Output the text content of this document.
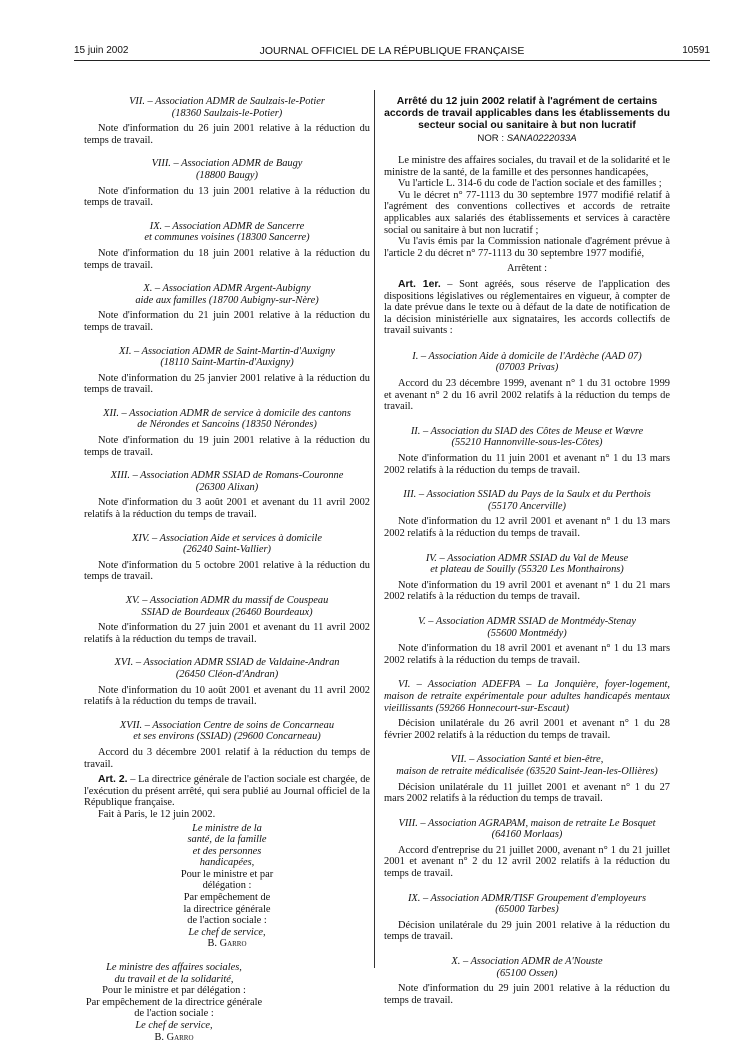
15 juin 2002	JOURNAL OFFICIEL DE LA RÉPUBLIQUE FRANÇAISE	10591

VII. – Association ADMR de Saulzais-le-Potier
(18360 Saulzais-le-Potier)

Note d'information du 26 juin 2001 relative à la réduction du temps de travail.

VIII. – Association ADMR de Baugy
(18800 Baugy)

Note d'information du 13 juin 2001 relative à la réduction du temps de travail.

IX. – Association ADMR de Sancerre
et communes voisines (18300 Sancerre)

Note d'information du 18 juin 2001 relative à la réduction du temps de travail.

X. – Association ADMR Argent-Aubigny
aide aux familles (18700 Aubigny-sur-Nère)

Note d'information du 21 juin 2001 relative à la réduction du temps de travail.

XI. – Association ADMR de Saint-Martin-d'Auxigny
(18110 Saint-Martin-d'Auxigny)

Note d'information du 25 janvier 2001 relative à la réduction du temps de travail.

XII. – Association ADMR de service à domicile des cantons
de Nérondes et Sancoins (18350 Nérondes)

Note d'information du 19 juin 2001 relative à la réduction du temps de travail.

XIII. – Association ADMR SSIAD de Romans-Couronne
(26300 Alixan)

Note d'information du 3 août 2001 et avenant du 11 avril 2002 relatifs à la réduction du temps de travail.

XIV. – Association Aide et services à domicile
(26240 Saint-Vallier)

Note d'information du 5 octobre 2001 relative à la réduction du temps de travail.

XV. – Association ADMR du massif de Couspeau
SSIAD de Bourdeaux (26460 Bourdeaux)

Note d'information du 27 juin 2001 et avenant du 11 avril 2002 relatifs à la réduction du temps de travail.

XVI. – Association ADMR SSIAD de Valdaine-Andran
(26450 Cléon-d'Andran)

Note d'information du 10 août 2001 et avenant du 11 avril 2002 relatifs à la réduction du temps de travail.

XVII. – Association Centre de soins de Concarneau
et ses environs (SSIAD) (29600 Concarneau)

Accord du 3 décembre 2001 relatif à la réduction du temps de travail.

Art. 2. – La directrice générale de l'action sociale est chargée, de l'exécution du présent arrêté, qui sera publié au Journal officiel de la République française.

Fait à Paris, le 12 juin 2002.

Le ministre de la santé, de la famille
et des personnes handicapées,

Pour le ministre et par délégation :
Par empêchement de la directrice générale
de l'action sociale :

Le chef de service,

B. Garro

Le ministre des affaires sociales,
du travail et de la solidarité,

Pour le ministre et par délégation :
Par empêchement de la directrice générale
de l'action sociale :

Le chef de service,

B. Garro

Arrêté du 12 juin 2002 relatif à l'agrément de certains accords de travail applicables dans les établissements du secteur social ou sanitaire à but non lucratif

NOR : SANA0222033A

Le ministre des affaires sociales, du travail et de la solidarité et le ministre de la santé, de la famille et des personnes handicapées,

Vu l'article L. 314-6 du code de l'action sociale et des familles ;

Vu le décret n° 77-1113 du 30 septembre 1977 modifié relatif à l'agrément des conventions collectives et accords de retraite applicables aux salariés des établissements et services à caractère social ou sanitaire à but non lucratif ;

Vu l'avis émis par la Commission nationale d'agrément prévue à l'article 2 du décret n° 77-1113 du 30 septembre 1977 modifié,

Arrêtent :

Art. 1er. – Sont agréés, sous réserve de l'application des dispositions législatives ou réglementaires en vigueur, à compter de la date prévue dans le texte ou à défaut de la date de notification de la décision ministérielle aux signataires, les accords collectifs de travail suivants :

I. – Association Aide à domicile de l'Ardèche (AAD 07)
(07003 Privas)

Accord du 23 décembre 1999, avenant n° 1 du 31 octobre 1999 et avenant n° 2 du 16 avril 2002 relatifs à la réduction du temps de travail.

II. – Association du SIAD des Côtes de Meuse et Wœvre
(55210 Hannonville-sous-les-Côtes)

Note d'information du 11 juin 2001 et avenant n° 1 du 13 mars 2002 relatifs à la réduction du temps de travail.

III. – Association SSIAD du Pays de la Saulx et du Perthois
(55170 Ancerville)

Note d'information du 12 avril 2001 et avenant n° 1 du 13 mars 2002 relatifs à la réduction du temps de travail.

IV. – Association ADMR SSIAD du Val de Meuse
et plateau de Souilly (55320 Les Monthairons)

Note d'information du 19 avril 2001 et avenant n° 1 du 21 mars 2002 relatifs à la réduction du temps de travail.

V. – Association ADMR SSIAD de Montmédy-Stenay
(55600 Montmédy)

Note d'information du 18 avril 2001 et avenant n° 1 du 13 mars 2002 relatifs à la réduction du temps de travail.

VI. – Association ADEFPA – La Jonquière, foyer-logement, maison de retraite expérimentale pour adultes handicapés mentaux vieillissants (59266 Honnecourt-sur-Escaut)

Décision unilatérale du 26 avril 2001 et avenant n° 1 du 28 février 2002 relatifs à la réduction du temps de travail.

VII. – Association Santé et bien-être,
maison de retraite médicalisée (63520 Saint-Jean-les-Ollières)

Décision unilatérale du 11 juillet 2001 et avenant n° 1 du 27 mars 2002 relatifs à la réduction du temps de travail.

VIII. – Association AGRAPAM, maison de retraite Le Bosquet
(64160 Morlaas)

Accord d'entreprise du 21 juillet 2000, avenant n° 1 du 21 juillet 2001 et avenant n° 2 du 12 avril 2002 relatifs à la réduction du temps de travail.

IX. – Association ADMR/TISF Groupement d'employeurs
(65000 Tarbes)

Décision unilatérale du 29 juin 2001 relative à la réduction du temps de travail.

X. – Association ADMR de A'Nouste
(65100 Ossen)

Note d'information du 29 juin 2001 relative à la réduction du temps de travail.
